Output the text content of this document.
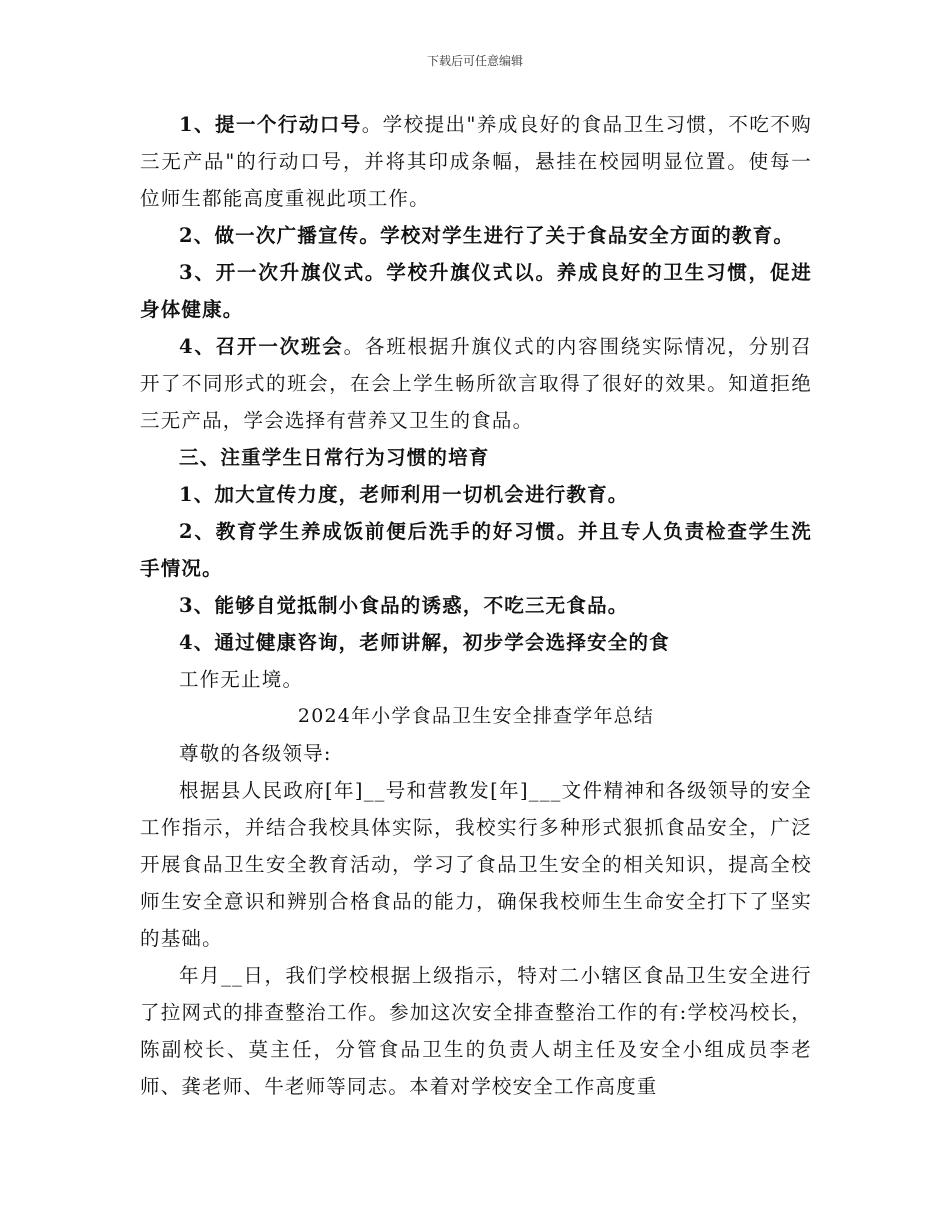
下载后可任意编辑

1、提一个行动口号。学校提出"养成良好的食品卫生习惯，不吃不购三无产品"的行动口号，并将其印成条幅，悬挂在校园明显位置。使每一位师生都能高度重视此项工作。

2、做一次广播宣传。学校对学生进行了关于食品安全方面的教育。

3、开一次升旗仪式。学校升旗仪式以。养成良好的卫生习惯，促进身体健康。

4、召开一次班会。各班根据升旗仪式的内容围绕实际情况，分别召开了不同形式的班会，在会上学生畅所欲言取得了很好的效果。知道拒绝三无产品，学会选择有营养又卫生的食品。

三、注重学生日常行为习惯的培育

1、加大宣传力度，老师利用一切机会进行教育。

2、教育学生养成饭前便后洗手的好习惯。并且专人负责检查学生洗手情况。

3、能够自觉抵制小食品的诱惑，不吃三无食品。

4、通过健康咨询，老师讲解，初步学会选择安全的食

工作无止境。

2024年小学食品卫生安全排查学年总结

尊敬的各级领导:

根据县人民政府[年]__号和营教发[年]___文件精神和各级领导的安全工作指示，并结合我校具体实际，我校实行多种形式狠抓食品安全，广泛开展食品卫生安全教育活动，学习了食品卫生安全的相关知识，提高全校师生安全意识和辨别合格食品的能力，确保我校师生生命安全打下了坚实的基础。

年月__日，我们学校根据上级指示，特对二小辖区食品卫生安全进行了拉网式的排查整治工作。参加这次安全排查整治工作的有:学校冯校长，陈副校长、莫主任，分管食品卫生的负责人胡主任及安全小组成员李老师、龚老师、牛老师等同志。本着对学校安全工作高度重
